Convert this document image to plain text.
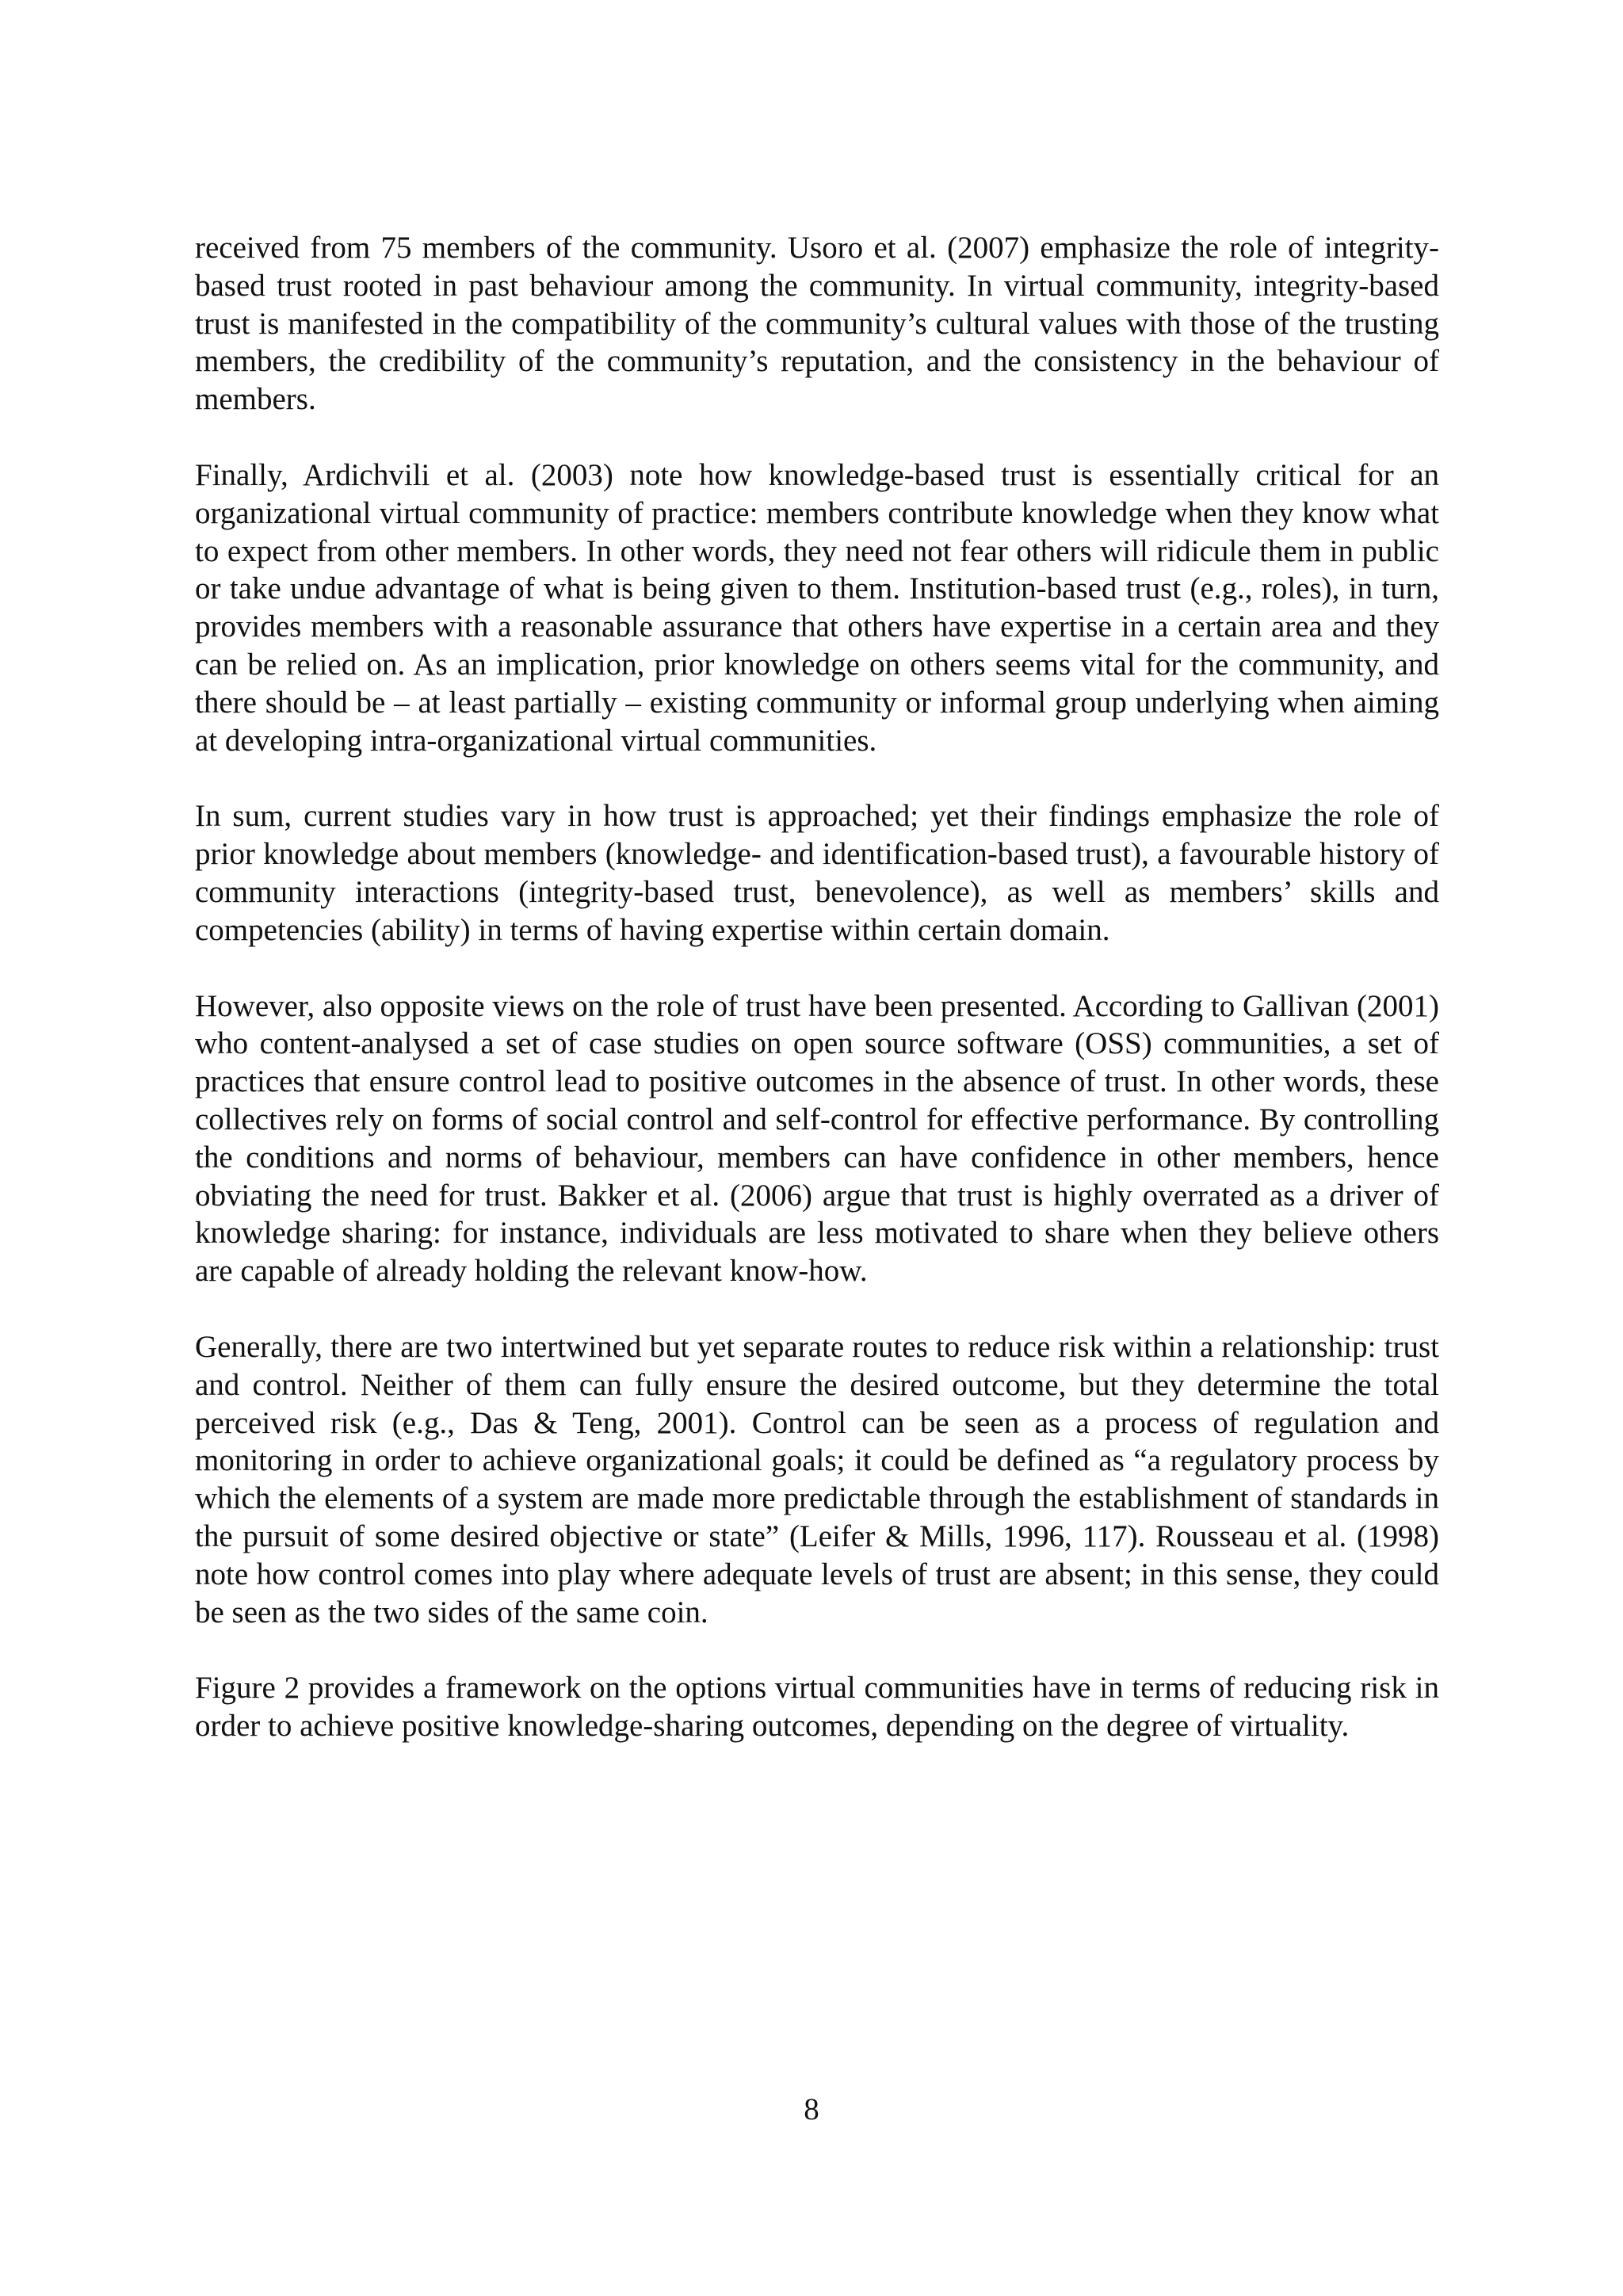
received from 75 members of the community. Usoro et al. (2007) emphasize the role of integrity-based trust rooted in past behaviour among the community. In virtual community, integrity-based trust is manifested in the compatibility of the community’s cultural values with those of the trusting members, the credibility of the community’s reputation, and the consistency in the behaviour of members.

Finally, Ardichvili et al. (2003) note how knowledge-based trust is essentially critical for an organizational virtual community of practice: members contribute knowledge when they know what to expect from other members. In other words, they need not fear others will ridicule them in public or take undue advantage of what is being given to them. Institution-based trust (e.g., roles), in turn, provides members with a reasonable assurance that others have expertise in a certain area and they can be relied on. As an implication, prior knowledge on others seems vital for the community, and there should be – at least partially – existing community or informal group underlying when aiming at developing intra-organizational virtual communities.

In sum, current studies vary in how trust is approached; yet their findings emphasize the role of prior knowledge about members (knowledge- and identification-based trust), a favourable history of community interactions (integrity-based trust, benevolence), as well as members’ skills and competencies (ability) in terms of having expertise within certain domain.

However, also opposite views on the role of trust have been presented. According to Gallivan (2001) who content-analysed a set of case studies on open source software (OSS) communities, a set of practices that ensure control lead to positive outcomes in the absence of trust. In other words, these collectives rely on forms of social control and self-control for effective performance. By controlling the conditions and norms of behaviour, members can have confidence in other members, hence obviating the need for trust. Bakker et al. (2006) argue that trust is highly overrated as a driver of knowledge sharing: for instance, individuals are less motivated to share when they believe others are capable of already holding the relevant know-how.

Generally, there are two intertwined but yet separate routes to reduce risk within a relationship: trust and control. Neither of them can fully ensure the desired outcome, but they determine the total perceived risk (e.g., Das & Teng, 2001). Control can be seen as a process of regulation and monitoring in order to achieve organizational goals; it could be defined as “a regulatory process by which the elements of a system are made more predictable through the establishment of standards in the pursuit of some desired objective or state” (Leifer & Mills, 1996, 117). Rousseau et al. (1998) note how control comes into play where adequate levels of trust are absent; in this sense, they could be seen as the two sides of the same coin.

Figure 2 provides a framework on the options virtual communities have in terms of reducing risk in order to achieve positive knowledge-sharing outcomes, depending on the degree of virtuality.

8
